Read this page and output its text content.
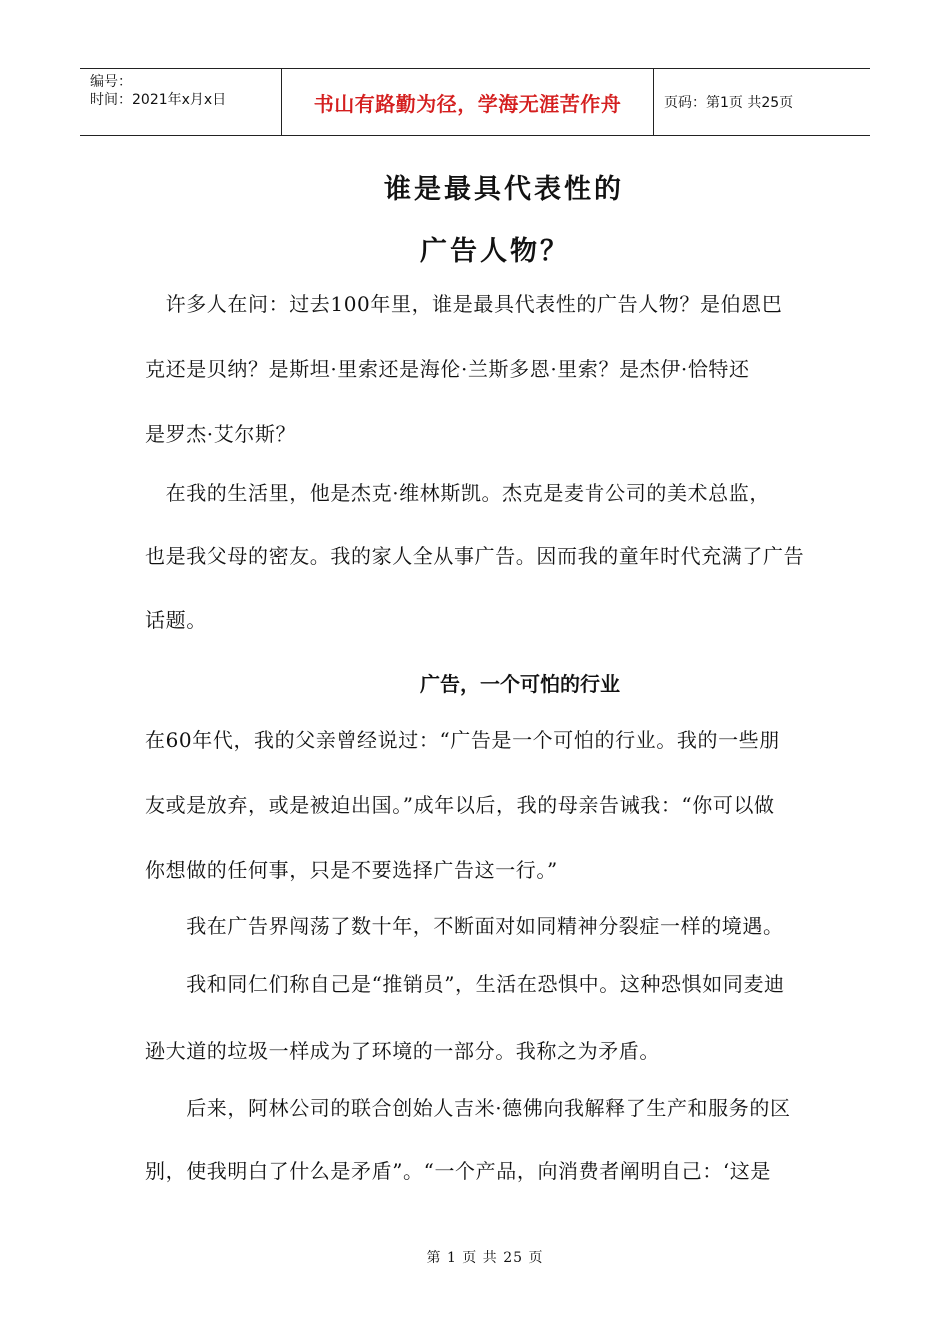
编号：
时间：2021年x月x日	书山有路勤为径，学海无涯苦作舟	页码：第1页 共25页
谁是最具代表性的
广告人物？
　许多人在问：过去100年里，谁是最具代表性的广告人物？是伯恩巴
克还是贝纳？是斯坦·里索还是海伦·兰斯多恩·里索？是杰伊·恰特还
是罗杰·艾尔斯？
　在我的生活里，他是杰克·维林斯凯。杰克是麦肯公司的美术总监，
也是我父母的密友。我的家人全从事广告。因而我的童年时代充满了广告
话题。
广告，一个可怕的行业
在60年代，我的父亲曾经说过：“广告是一个可怕的行业。我的一些朋
友或是放弃，或是被迫出国。”成年以后，我的母亲告诫我：“你可以做
你想做的任何事，只是不要选择广告这一行。”
　　我在广告界闯荡了数十年，不断面对如同精神分裂症一样的境遇。
　　我和同仁们称自己是“推销员”，生活在恐惧中。这种恐惧如同麦迪
逊大道的垃圾一样成为了环境的一部分。我称之为矛盾。
　　后来，阿林公司的联合创始人吉米·德佛向我解释了生产和服务的区
别，使我明白了什么是矛盾”。“一个产品，向消费者阐明自己：‘这是
第 1 页 共 25 页
